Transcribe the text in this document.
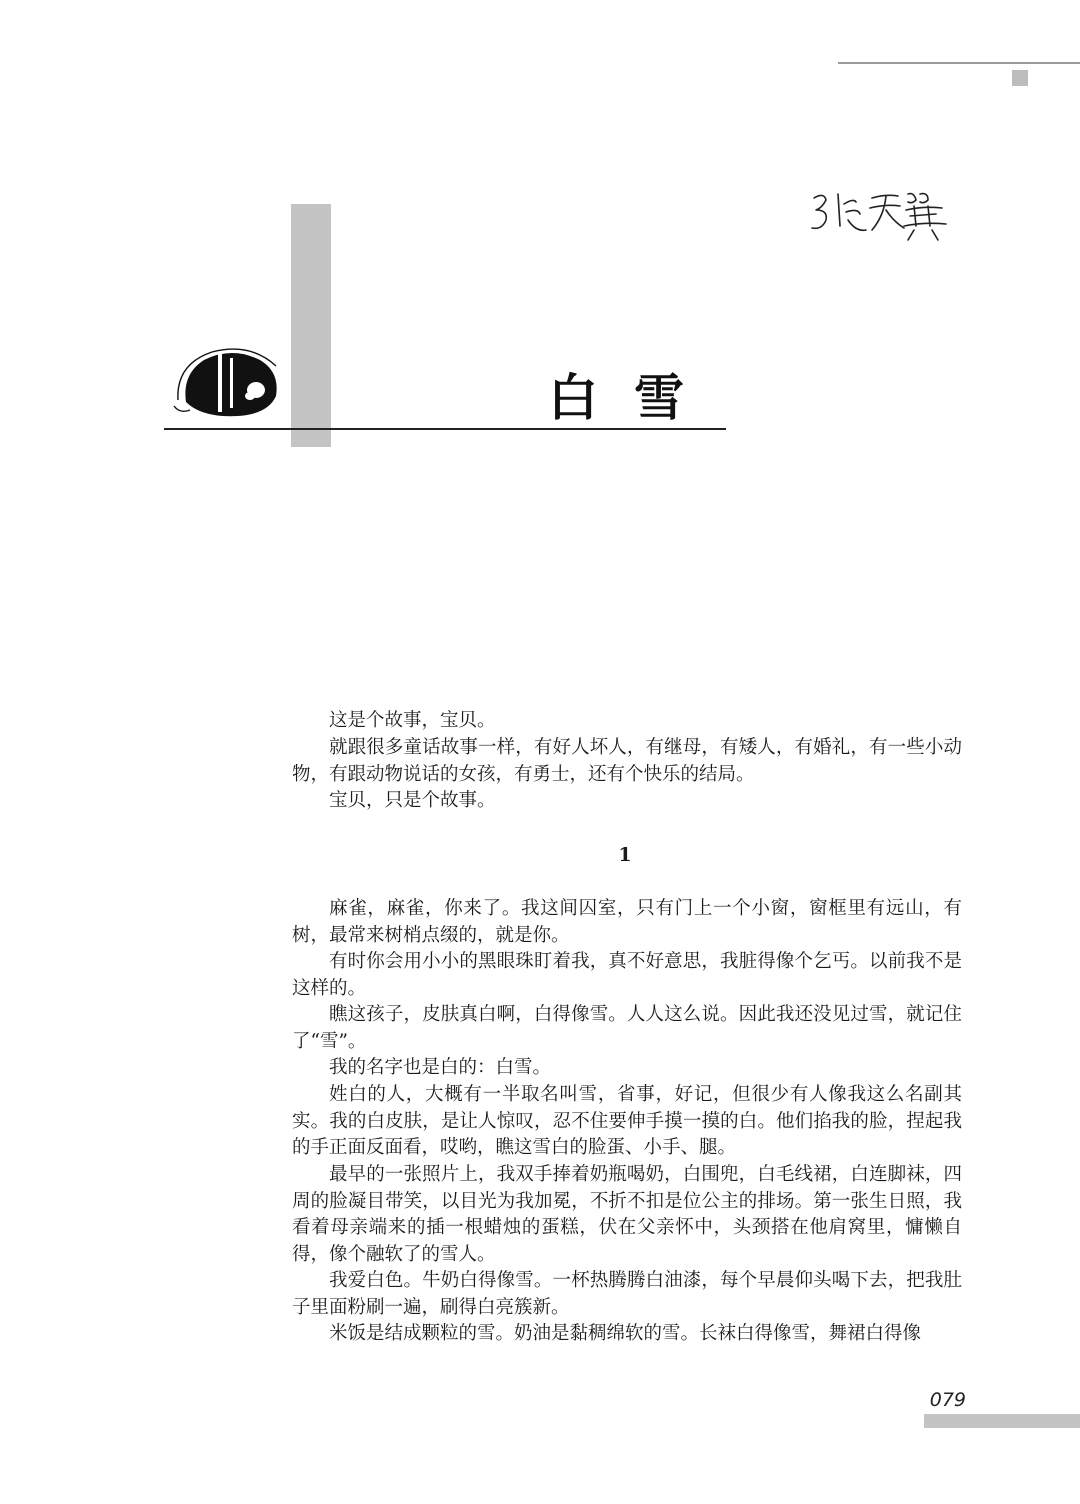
白雪

这是个故事，宝贝。

就跟很多童话故事一样，有好人坏人，有继母，有矮人，有婚礼，有一些小动物，有跟动物说话的女孩，有勇士，还有个快乐的结局。

宝贝，只是个故事。

1

麻雀，麻雀，你来了。我这间囚室，只有门上一个小窗，窗框里有远山，有树，最常来树梢点缀的，就是你。

有时你会用小小的黑眼珠盯着我，真不好意思，我脏得像个乞丐。以前我不是这样的。

瞧这孩子，皮肤真白啊，白得像雪。人人这么说。因此我还没见过雪，就记住了“雪”。

我的名字也是白的：白雪。

姓白的人，大概有一半取名叫雪，省事，好记，但很少有人像我这么名副其实。我的白皮肤，是让人惊叹，忍不住要伸手摸一摸的白。他们掐我的脸，捏起我的手正面反面看，哎哟，瞧这雪白的脸蛋、小手、腿。

最早的一张照片上，我双手捧着奶瓶喝奶，白围兜，白毛线裙，白连脚袜，四周的脸凝目带笑，以目光为我加冕，不折不扣是位公主的排场。第一张生日照，我看着母亲端来的插一根蜡烛的蛋糕，伏在父亲怀中，头颈搭在他肩窝里，慵懒自得，像个融软了的雪人。

我爱白色。牛奶白得像雪。一杯热腾腾白油漆，每个早晨仰头喝下去，把我肚子里面粉刷一遍，刷得白亮簇新。

米饭是结成颗粒的雪。奶油是黏稠绵软的雪。长袜白得像雪，舞裙白得像

079
